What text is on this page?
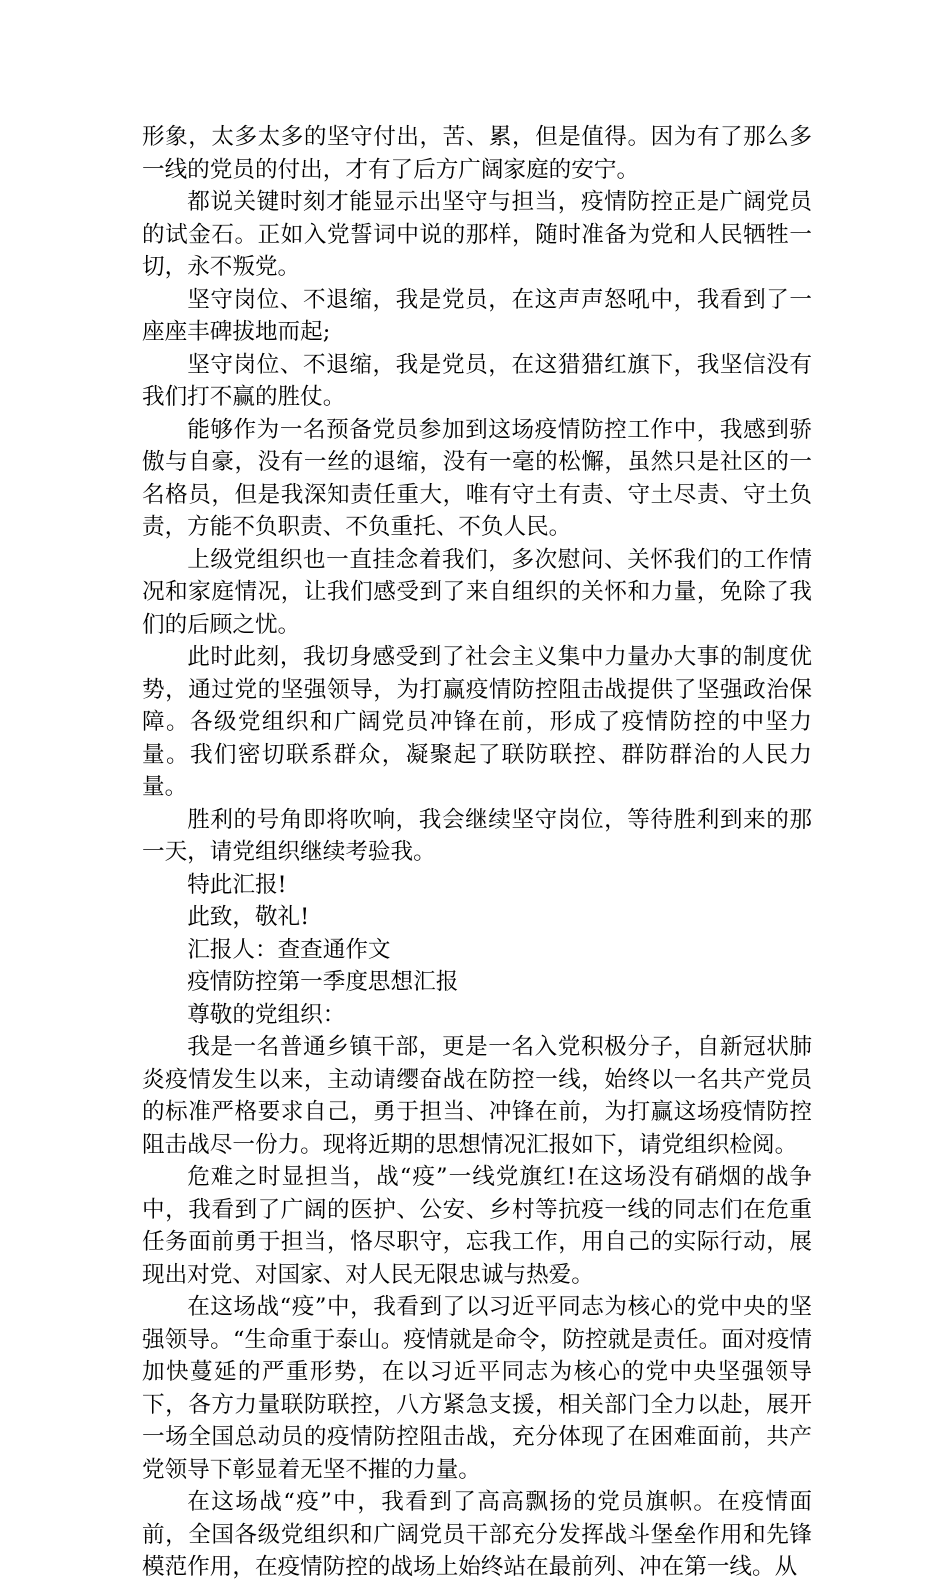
形象，太多太多的坚守付出，苦、累，但是值得。因为有了那么多一线的党员的付出，才有了后方广阔家庭的安宁。

都说关键时刻才能显示出坚守与担当，疫情防控正是广阔党员的试金石。正如入党誓词中说的那样，随时准备为党和人民牺牲一切，永不叛党。

坚守岗位、不退缩，我是党员，在这声声怒吼中，我看到了一座座丰碑拔地而起;

坚守岗位、不退缩，我是党员，在这猎猎红旗下，我坚信没有我们打不赢的胜仗。

能够作为一名预备党员参加到这场疫情防控工作中，我感到骄傲与自豪，没有一丝的退缩，没有一毫的松懈，虽然只是社区的一名格员，但是我深知责任重大，唯有守土有责、守土尽责、守土负责，方能不负职责、不负重托、不负人民。

上级党组织也一直挂念着我们，多次慰问、关怀我们的工作情况和家庭情况，让我们感受到了来自组织的关怀和力量，免除了我们的后顾之忧。

此时此刻，我切身感受到了社会主义集中力量办大事的制度优势，通过党的坚强领导，为打赢疫情防控阻击战提供了坚强政治保障。各级党组织和广阔党员冲锋在前，形成了疫情防控的中坚力量。我们密切联系群众，凝聚起了联防联控、群防群治的人民力量。

胜利的号角即将吹响，我会继续坚守岗位，等待胜利到来的那一天，请党组织继续考验我。

特此汇报!

此致，敬礼!

汇报人：查查通作文

疫情防控第一季度思想汇报

尊敬的党组织：

我是一名普通乡镇干部，更是一名入党积极分子，自新冠状肺炎疫情发生以来，主动请缨奋战在防控一线，始终以一名共产党员的标准严格要求自己，勇于担当、冲锋在前，为打赢这场疫情防控阻击战尽一份力。现将近期的思想情况汇报如下，请党组织检阅。

危难之时显担当，战“疫”一线党旗红!在这场没有硝烟的战争中，我看到了广阔的医护、公安、乡村等抗疫一线的同志们在危重任务面前勇于担当，恪尽职守，忘我工作，用自己的实际行动，展现出对党、对国家、对人民无限忠诚与热爱。

在这场战“疫”中，我看到了以习近平同志为核心的党中央的坚强领导。“生命重于泰山。疫情就是命令，防控就是责任。面对疫情加快蔓延的严重形势，在以习近平同志为核心的党中央坚强领导下，各方力量联防联控，八方紧急支援，相关部门全力以赴，展开一场全国总动员的疫情防控阻击战，充分体现了在困难面前，共产党领导下彰显着无坚不摧的力量。

在这场战“疫”中，我看到了高高飘扬的党员旗帜。在疫情面前，全国各级党组织和广阔党员干部充分发挥战斗堡垒作用和先锋模范作用，在疫情防控的战场上始终站在最前列、冲在第一线。从
